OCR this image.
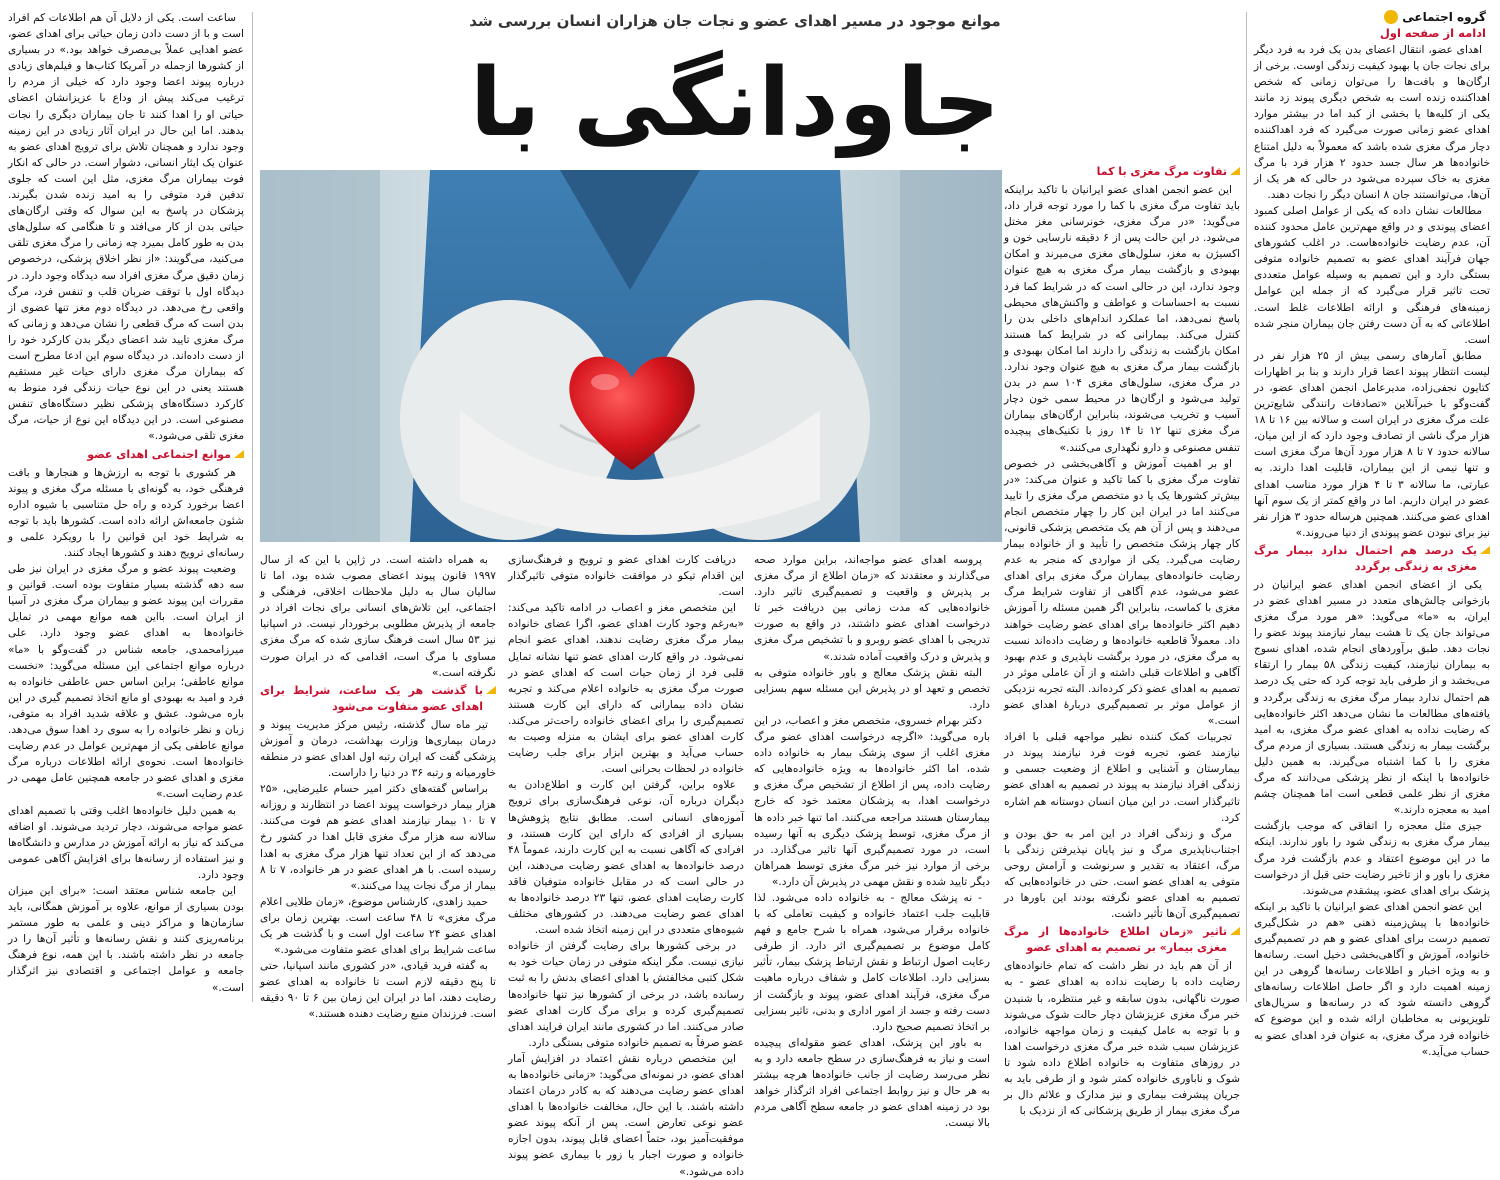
گروه اجتماعی
ادامه از صفحه اول
موانع موجود در مسیر اهدای عضو و نجات جان هزاران انسان بررسی شد
جاودانگی با	اهدای عضو، انتقال اعضای بدن یک فرد به فرد دیگر برای نجات جان یا بهبود کیفیت زندگی اوست. برخی از ارگان‌ها و بافت‌ها را می‌توان زمانی که شخص اهداکننده زنده است به شخص دیگری پیوند زد مانند یکی از کلیه‌ها یا بخشی از کبد اما در بیشتر موارد اهدای عضو زمانی صورت می‌گیرد که فرد اهداکننده دچار مرگ مغزی شده باشد که معمولاً به دلیل امتناع خانواده‌ها هر سال جسد حدود ۲ هزار فرد با مرگ مغزی به خاک سپرده می‌شود در حالی که هر یک از آن‌ها، می‌توانستند جان ۸ انسان دیگر را نجات دهند.

مطالعات نشان داده که یکی از عوامل اصلی کمبود اعضای پیوندی و در واقع مهم‌ترین عامل محدود کننده آن، عدم رضایت خانواده‌هاست. در اغلب کشورهای جهان فرآیند اهدای عضو به تصمیم خانواده متوفی بستگی دارد و این تصمیم به وسیله عوامل متعددی تحت تاثیر قرار می‌گیرد که از جمله این عوامل زمینه‌های فرهنگی و ارائه اطلاعات غلط است. اطلاعاتی که به آن دست رفتن جان بیماران منجر شده است.

مطابق آمارهای رسمی بیش از ۲۵ هزار نفر در لیست انتظار پیوند اعضا قرار دارند و بنا بر اظهارات کتایون نجفی‌زاده، مدیرعامل انجمن اهدای عضو، در گفت‌وگو با خبرآنلاین «تصادفات رانندگی شایع‌ترین علت مرگ مغزی در ایران است و سالانه بین ۱۶ تا ۱۸ هزار مرگ ناشی از تصادف وجود دارد که از این میان، سالانه حدود ۷ تا ۸ هزار مورد آن‌ها مرگ مغزی است و تنها نیمی از این بیماران، قابلیت اهدا دارند. به عبارتی، ما سالانه ۳ تا ۴ هزار مورد مناسب اهدای عضو در ایران داریم. اما در واقع کمتر از یک سوم آنها اهدای عضو می‌کنند. همچنین هرساله حدود ۳ هزار نفر نیز برای نبودن عضو پیوندی از دنیا می‌روند.»

یک درصد هم احتمال ندارد بیمار مرگ مغزی به زندگی برگردد

یکی از اعضای انجمن اهدای عضو ایرانیان در بازخوانی چالش‌های متعدد در مسیر اهدای عضو در ایران، به «ما» می‌گوید: «هر مورد مرگ مغزی می‌تواند جان یک تا هشت بیمار نیازمند پیوند عضو را نجات دهد. طبق برآوردهای انجام شده، اهدای نسوج به بیماران نیازمند، کیفیت زندگی ۵۸ بیمار را ارتقاء می‌بخشد و از طرفی باید توجه کرد که حتی یک درصد هم احتمال ندارد بیمار مرگ مغزی به زندگی برگردد و یافته‌های مطالعات ما نشان می‌دهد اکثر خانواده‌هایی که رضایت نداده به اهدای عضو مرگ مغزی، به امید برگشت بیمار به زندگی هستند. بسیاری از مردم مرگ مغزی را با کما اشتباه می‌گیرند. به همین دلیل خانواده‌ها با اینکه از نظر پزشکی می‌دانند که مرگ مغزی از نظر علمی قطعی است اما همچنان چشم امید به معجزه دارند.»

جیزی مثل معجزه را اتفاقی که موجب بازگشت بیمار مرگ مغزی به زندگی شود را باور ندارند. اینکه ما در این موضوع اعتقاد و عدم بازگشت فرد مرگ مغزی را باور و از تاخیر رضایت حتی قبل از درخواست پزشک برای اهدای عضو، پیشقدم می‌شوند.

این عضو انجمن اهدای عضو ایرانیان با تاکید بر اینکه خانواده‌ها با پیش‌زمینه ذهنی «هم در شکل‌گیری تصمیم درست برای اهدای عضو و هم در تصمیم‌گیری خانواده، آموزش و آگاهی‌بخشی دخیل است. رسانه‌ها و به ویژه اخبار و اطلاعات رسانه‌ها گروهی در این زمینه اهمیت دارد و اگر حاصل اطلاعات رسانه‌های گروهی دانسته شود که در رسانه‌ها و سریال‌های تلویزیونی به مخاطبان ارائه شده و این موضوع که خانواده فرد مرگ مغزی، به عنوان فرد اهدای عضو به حساب می‌آید.»

تفاوت مرگ مغزی با کما

این عضو انجمن اهدای عضو ایرانیان با تاکید براینکه باید تفاوت مرگ مغزی با کما را مورد توجه قرار داد، می‌گوید: «در مرگ مغزی، خونرسانی مغز مختل می‌شود. در این حالت پس از ۶ دقیقه نارسایی خون و اکسیژن به مغز، سلول‌های مغزی می‌میرند و امکان بهبودی و بازگشت بیمار مرگ مغزی به هیچ عنوان وجود ندارد، این در حالی است که در شرایط کما فرد نسبت به احساسات و عواطف و واکنش‌های محیطی پاسخ نمی‌دهد، اما عملکرد اندام‌های داخلی بدن را کنترل می‌کند. بیمارانی که در شرایط کما هستند امکان بازگشت به زندگی را دارند اما امکان بهبودی و بازگشت بیمار مرگ مغزی به هیچ عنوان وجود ندارد. در مرگ مغزی، سلول‌های مغزی ۱۰۴ سم در بدن تولید می‌شود و ارگان‌ها در محیط سمی خون دچار آسیب و تخریب می‌شوند، بنابراین ارگان‌های بیماران مرگ مغزی تنها ۱۲ تا ۱۴ روز با تکنیک‌های پیچیده تنفس مصنوعی و دارو نگهداری می‌کنند.»

او بر اهمیت آموزش و آگاهی‌بخشی در خصوص تفاوت مرگ مغزی با کما تاکید و عنوان می‌کند: «در بیش‌تر کشورها یک یا دو متخصص مرگ مغزی را تایید می‌کنند اما در ایران این کار را چهار متخصص انجام می‌دهند و پس از آن هم یک متخصص پزشکی قانونی، کار چهار پزشک متخصص را تأیید و از خانواده بیمار رضایت می‌گیرد. یکی از مواردی که منجر به عدم رضایت خانواده‌های بیماران مرگ مغزی برای اهدای عضو می‌شود، عدم آگاهی از تفاوت شرایط مرگ مغزی با کماست، بنابراین اگر همین مسئله را آموزش دهیم اکثر خانواده‌ها برای اهدای عضو رضایت خواهند داد. معمولاً قاطعیه خانواده‌ها و رضایت داده‌اند نسبت به مرگ مغزی، در مورد برگشت ناپذیری و عدم بهبود آگاهی و اطلاعات قبلی داشته و از آن عاملی موثر در تصمیم به اهدای عضو ذکر کرده‌اند. البته تجربه نزدیکی از عوامل موثر بر تصمیم‌گیری دربارهٔ اهدای عضو است.»

تجربیات کمک کننده نظیر مواجهه قبلی با افراد نیازمند عضو، تجربه فوت فرد نیازمند پیوند در بیمارستان و آشنایی و اطلاع از وضعیت جسمی و زندگی افراد نیازمند به پیوند در تصمیم به اهدای عضو تاثیرگذار است. در این میان انسان دوستانه هم اشاره کرد.

مرگ و زندگی افراد در این امر به حق بودن و اجتناب‌ناپذیری مرگ و نیز پایان نپذیرفتن زندگی با مرگ، اعتقاد به تقدیر و سرنوشت و آرامش روحی متوفی به اهدای عضو است. حتی در خانواده‌هایی که تصمیم به اهدای عضو نگرفته بودند این باورها در تصمیم‌گیری آن‌ها تأثیر داشت.

تاثیر «زمان اطلاع خانواده‌ها از مرگ مغزی بیمار» بر تصمیم به اهدای عضو

از آن هم باید در نظر داشت که تمام خانواده‌های رضایت داده با رضایت نداده به اهدای عضو - به صورت ناگهانی، بدون سابقه و غیر منتظره، با شنیدن خبر مرگ مغزی عزیزشان دچار حالت شوک می‌شوند و با توجه به عامل کیفیت و زمان مواجهه خانواده، عزیزشان سبب شده خبر مرگ مغزی درخواست اهدا در روزهای متفاوت به خانواده اطلاع داده شود تا شوک و ناباوری خانواده کمتر شود و از طرفی باید به جریان پیشرفت بیماری و نیز مدارک و علائم دال بر مرگ مغزی بیمار از طریق پزشکانی که از نزدیک با

پروسه اهدای عضو مواجه‌اند، براین موارد صحه می‌گذارند و معتقدند که «زمان اطلاع از مرگ مغزی بر پذیرش و واقعیت و تصمیم‌گیری تاثیر دارد. خانواده‌هایی که مدت زمانی بین دریافت خبر تا درخواست اهدای عضو داشتند، در واقع به صورت تدریجی با اهدای عضو روبرو و با تشخیص مرگ مغزی و پذیرش و درک واقعیت آماده شدند.»

البته نقش پزشک معالج و باور خانواده متوفی به تخصص و تعهد او در پذیرش این مسئله سهم بسزایی دارد.

دکتر بهرام خسروی، متخصص مغز و اعصاب، در این باره می‌گوید: «اگرچه درخواست اهدای عضو مرگ مغزی اغلب از سوی پزشک بیمار به خانواده داده شده، اما اکثر خانواده‌ها به ویژه خانواده‌هایی که رضایت داده، پس از اطلاع از تشخیص مرگ مغزی و درخواست اهدا، به پزشکان معتمد خود که خارج بیمارستان هستند مراجعه می‌کنند. اما تنها خبر داده ها از مرگ مغزی، توسط پزشک دیگری به آنها رسیده است، در مورد تصمیم‌گیری آنها تاثیر می‌گذارد. در برخی از موارد نیز خبر مرگ مغزی توسط همراهان دیگر تایید شده و نقش مهمی در پذیرش آن دارد.»

- نه پزشک معالج - به خانواده داده می‌شود. لذا قابلیت جلب اعتماد خانواده و کیفیت تعاملی که با خانواده برقرار می‌شود، همراه با شرح جامع و فهم کامل موضوع بر تصمیم‌گیری اثر دارد. از طرفی رعایت اصول ارتباط و نقش ارتباط پزشک بیمار، تأثیر بسزایی دارد. اطلاعات کامل و شفاف درباره ماهیت مرگ مغزی، فرآیند اهدای عضو، پیوند و بازگشت از دست رفته و جسد از امور اداری و بدنی، تاثیر بسزایی بر اتخاذ تصمیم صحیح دارد.

به باور این پزشک، اهدای عضو مقوله‌ای پیچیده است و نیاز به فرهنگ‌سازی در سطح جامعه دارد و به نظر می‌رسد رضایت از جانب خانواده‌ها هرچه بیشتر به هر حال و نیز روابط اجتماعی افراد اثرگذار خواهد بود در زمینه اهدای عضو در جامعه سطح آگاهی مردم بالا نیست.

دریافت کارت اهدای عضو و ترویج و فرهنگ‌سازی این اقدام تیکو در موافقت خانواده متوفی تاثیرگذار است.

این متخصص مغز و اعصاب در ادامه تاکید می‌کند: «به‌رغم وجود کارت اهدای عضو، اگرا عضای خانواده بیمار مرگ مغزی رضایت ندهند، اهدای عضو انجام نمی‌شود. در واقع کارت اهدای عضو تنها نشانه تمایل قلبی فرد از زمان حیات است که اهدای عضو در صورت مرگ مغزی به خانواده اعلام می‌کند و تجربه نشان داده بیمارانی که دارای این کارت هستند تصمیم‌گیری را برای اعضای خانواده راحت‌تر می‌کند. کارت اهدای عضو برای ایشان به منزله وصیت به حساب می‌آید و بهترین ابزار برای جلب رضایت خانواده در لحظات بحرانی است.

علاوه براین، گرفتن این کارت و اطلاع‌دادن به دیگران درباره آن، نوعی فرهنگ‌سازی برای ترویج آموزه‌های انسانی است. مطابق نتایج پژوهش‌ها بسیاری از افرادی که دارای این کارت هستند، و افرادی که آگاهی نسبت به این کارت دارند، عموماً ۴۸ درصد خانواده‌ها به اهدای عضو رضایت می‌دهند، این در حالی است که در مقابل خانواده متوفیان فاقد کارت رضایت اهدای عضو، تنها ۲۳ درصد خانواده‌ها به اهدای عضو رضایت می‌دهند. در کشورهای مختلف شیوه‌های متعددی در این زمینه اتخاذ شده است.

در برخی کشورها برای رضایت گرفتن از خانواده نیازی نیست. مگر اینکه متوفی در زمان حیات خود به شکل کتبی مخالفتش با اهدای اعضای بدنش را به ثبت رسانده باشد، در برخی از کشورها نیز تنها خانواده‌ها تصمیم‌گیری کرده و برای مرگ کارت اهدای عضو صادر می‌کنند. اما در کشوری مانند ایران فرایند اهدای عضو صرفاً به تصمیم خانواده متوفی بستگی دارد.

این متخصص درباره نقش اعتماد در افزایش آمار اهدای عضو، در نمونه‌ای می‌گوید: «زمانی خانواده‌ها به اهدای عضو رضایت می‌دهند که به کادر درمان اعتماد داشته باشند. با این حال، مخالفت خانواده‌ها با اهدای عضو نوعی تعارض است. پس از آنکه پیوند عضو موفقیت‌آمیز بود، حتماً اعضای قابل پیوند، بدون اجازه خانواده و صورت اجبار یا زور با بیماری عضو پیوند داده می‌شود.»

به همراه داشته است. در ژاپن با این که از سال ۱۹۹۷ قانون پیوند اعضای مصوب شده بود، اما تا سالیان سال به دلیل ملاحظات اخلاقی، فرهنگی و اجتماعی، این تلاش‌های انسانی برای نجات افراد در جامعه از پذیرش مطلوبی برخوردار نیست. در اسپانیا نیز ۵۳ سال است فرهنگ سازی شده که مرگ مغزی مساوی با مرگ است، اقدامی که در ایران صورت نگرفته است.»

با گذشت هر یک ساعت، شرایط برای اهدای عضو متفاوت می‌شود

تیر ماه سال گذشته، رئیس مرکز مدیریت پیوند و درمان بیماری‌ها وزارت بهداشت، درمان و آموزش پزشکی گفت که ایران رتبه اول اهدای عضو در منطقه خاورمیانه و رتبه ۳۶ در دنیا را داراست.

براساس گفته‌های دکتر امیر حسام علیرضایی، «۲۵ هزار بیمار درخواست پیوند اعضا در انتظارند و روزانه ۷ تا ۱۰ بیمار نیازمند اهدای عضو هم فوت می‌کنند. سالانه سه هزار مرگ مغزی قابل اهدا در کشور رخ می‌دهد که از این تعداد تنها هزار مرگ مغزی به اهدا رسیده است. با هر اهدای عضو در هر خانواده، ۷ تا ۸ بیمار از مرگ نجات پیدا می‌کنند.»

حمید زاهدی، کارشناس موضوع، «زمان طلایی اعلام مرگ مغزی» تا ۴۸ ساعت است. بهترین زمان برای اهدای عضو ۲۴ ساعت اول است و با گذشت هر یک ساعت شرایط برای اهدای عضو متفاوت می‌شود.»

به گفته فرید قیادی، «در کشوری مانند اسپانیا، حتی تا پنج دقیقه لازم است تا خانواده به اهدای عضو رضایت دهند، اما در ایران این زمان بین ۶ تا ۹۰ دقیقه است. فرزندان منبع رضایت دهنده هستند.»

ساعت است. یکی از دلایل آن هم اطلاعات کم افراد است و با از دست دادن زمان حیاتی برای اهدای عضو، عضو اهدایی عملاً بی‌مصرف خواهد بود.» در بسیاری از کشورها ازجمله در آمریکا کتاب‌ها و فیلم‌های زیادی درباره پیوند اعضا وجود دارد که خیلی از مردم را ترغیب می‌کند پیش از وداع با عزیزانشان اعضای حیاتی او را اهدا کنند تا جان بیماران دیگری را نجات بدهند. اما این حال در ایران آثار زیادی در این زمینه وجود ندارد و همچنان تلاش برای ترویج اهدای عضو به عنوان یک ایثار انسانی، دشوار است. در حالی که انکار فوت بیماران مرگ مغزی، مثل این است که جلوی تدفین فرد متوفی را به امید زنده شدن بگیرند. پزشکان در پاسخ به این سوال که وقتی ارگان‌های حیاتی بدن از کار می‌افتد و تا هنگامی که سلول‌های بدن به طور کامل بمیرد چه زمانی را مرگ مغزی تلقی می‌کنید، می‌گویند: «از نظر اخلاق پزشکی، درخصوص زمان دقیق مرگ مغزی افراد سه دیدگاه وجود دارد. در دیدگاه اول با توقف ضربان قلب و تنفس فرد، مرگ واقعی رخ می‌دهد. در دیدگاه دوم مغز تنها عضوی از بدن است که مرگ قطعی را نشان می‌دهد و زمانی که مرگ مغزی تایید شد اعضای دیگر بدن کارکرد خود را از دست داده‌اند. در دیدگاه سوم این ادعا مطرح است که بیماران مرگ مغزی دارای حیات غیر مستقیم هستند یعنی در این نوع حیات زندگی فرد منوط به کارکرد دستگاه‌های پزشکی نظیر دستگاه‌های تنفس مصنوعی است. در این دیدگاه این نوع از حیات، مرگ مغزی تلقی می‌شود.»

موانع اجتماعی اهدای عضو

هر کشوری با توجه به ارزش‌ها و هنجارها و بافت فرهنگی خود، به گونه‌ای با مسئله مرگ مغزی و پیوند اعضا برخورد کرده و راه حل متناسبی با شیوه اداره شئون جامعه‌اش ارائه داده است. کشورها باید با توجه به شرایط خود این قوانین را با رویکرد علمی و رسانه‌ای ترویج دهند و کشورها ایجاد کنند.

وضعیت پیوند عضو و مرگ مغزی در ایران نیز طی سه دهه گذشته بسیار متفاوت بوده است. قوانین و مقررات این پیوند عضو و بیماران مرگ مغزی در آسیا از ایران است. بااین همه موانع مهمی در تمایل خانواده‌ها به اهدای عضو وجود دارد. علی میرزامحمدی، جامعه شناس در گفت‌وگو با «ما» درباره موانع اجتماعی این مسئله می‌گوید: «نخست موانع عاطفی؛ براین اساس حس عاطفی خانواده به فرد و امید به بهبودی او مانع اتخاذ تصمیم گیری در این باره می‌شود. عشق و علاقه شدید افراد به متوفی، زبان و نظر خانواده را به سوی رد اهدا سوق می‌دهد. موانع عاطفی یکی از مهم‌ترین عوامل در عدم رضایت خانواده‌ها است. نحوه‌ی ارائه اطلاعات درباره مرگ مغزی و اهدای عضو در جامعه همچنین عامل مهمی در عدم رضایت است.»

به همین دلیل خانواده‌ها اغلب وقتی با تصمیم اهدای عضو مواجه می‌شوند، دچار تردید می‌شوند. او اضافه می‌کند که نیاز به ارائه آموزش در مدارس و دانشگاه‌ها و نیز استفاده از رسانه‌ها برای افزایش آگاهی عمومی وجود دارد.

این جامعه شناس معتقد است: «برای این میزان بودن بسیاری از موانع، علاوه بر آموزش همگانی، باید سازمان‌ها و مراکز دینی و علمی به طور مستمر برنامه‌ریزی کنند و نقش رسانه‌ها و تأثیر آن‌ها را در جامعه در نظر داشته باشند. با این همه، نوع فرهنگ جامعه و عوامل اجتماعی و اقتصادی نیز اثرگذار است.»
